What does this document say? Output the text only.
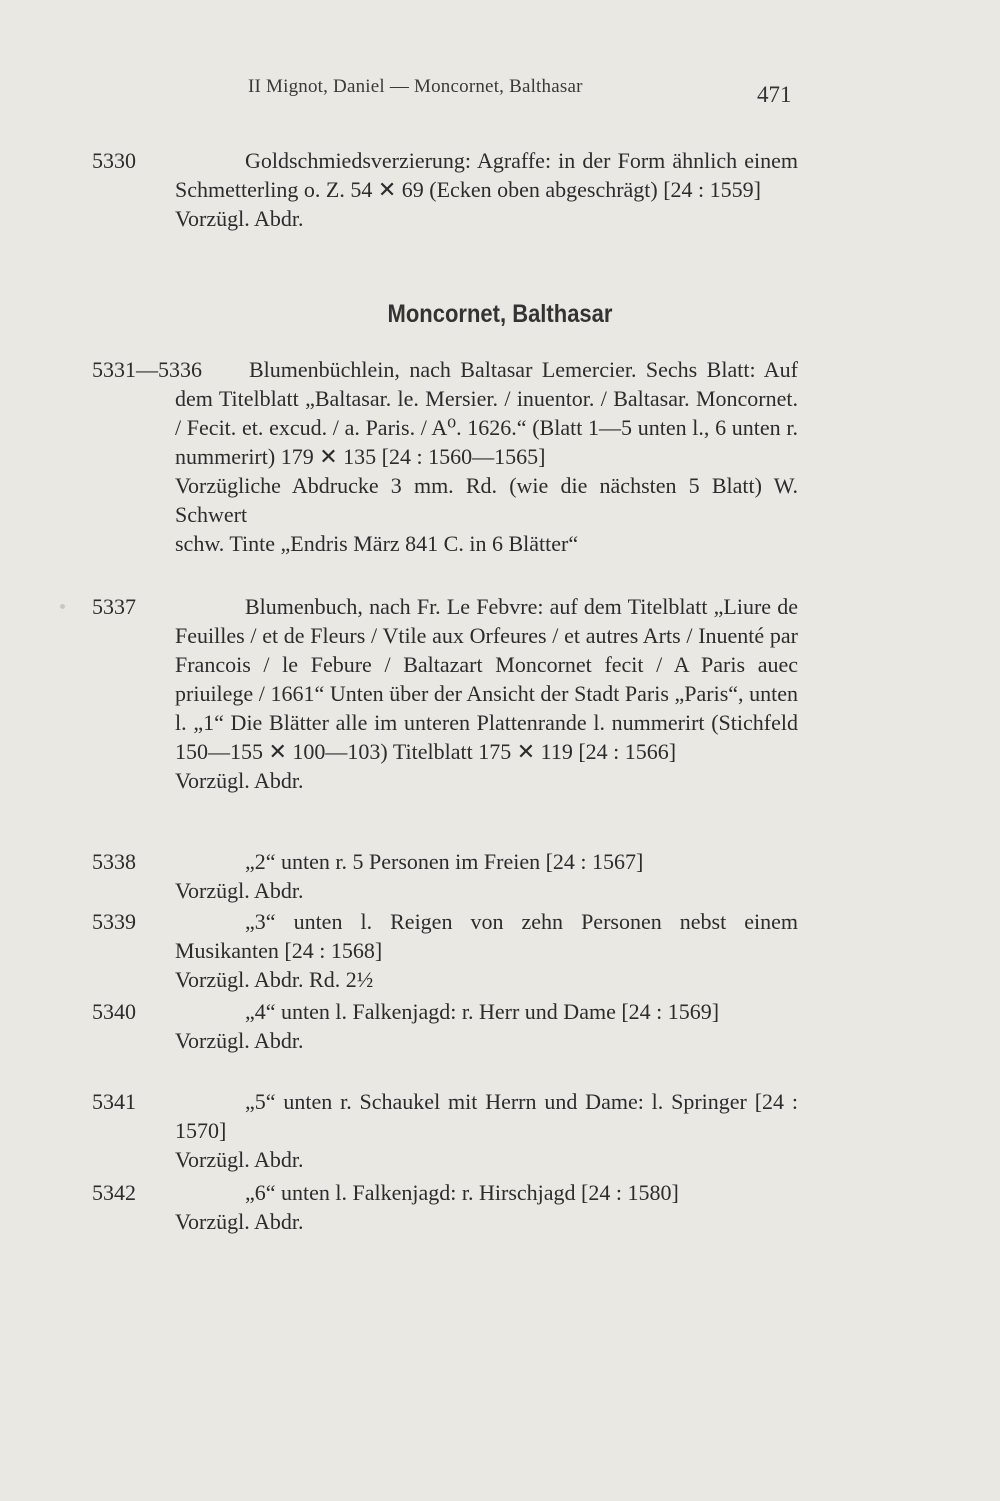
II Mignot, Daniel — Moncornet, Balthasar	471
5330	Goldschmiedsverzierung: Agraffe: in der Form ähnlich einem Schmetterling o. Z. 54 ✕ 69 (Ecken oben abgeschrägt) [24 : 1559]

Vorzügl. Abdr.

Moncornet, Balthasar
5331—5336	Blumenbüchlein, nach Baltasar Lemercier. Sechs Blatt: Auf dem Titelblatt „Baltasar. le. Mersier. / inuentor. / Baltasar. Moncornet. / Fecit. et. excud. / a. Paris. / A⁰. 1626.“ (Blatt 1—5 unten l., 6 unten r. nummerirt) 179 ✕ 135 [24 : 1560—1565]

Vorzügliche Abdrucke 3 mm. Rd. (wie die nächsten 5 Blatt) W. Schwert

schw. Tinte „Endris März 841 C. in 6 Blätter“

5337	Blumenbuch, nach Fr. Le Febvre: auf dem Titelblatt „Liure de Feuilles / et de Fleurs / Vtile aux Orfeures / et autres Arts / Inuenté par Francois / le Febure / Baltazart Moncornet fecit / A Paris auec priuilege / 1661“ Unten über der Ansicht der Stadt Paris „Paris“, unten l. „1“ Die Blätter alle im unteren Plattenrande l. nummerirt (Stichfeld 150—155 ✕ 100—103) Titelblatt 175 ✕ 119 [24 : 1566]

Vorzügl. Abdr.

5338	„2“ unten r. 5 Personen im Freien [24 : 1567]

Vorzügl. Abdr.

5339	„3“ unten l. Reigen von zehn Personen nebst einem Musikanten [24 : 1568]

Vorzügl. Abdr. Rd. 2½

5340	„4“ unten l. Falkenjagd: r. Herr und Dame [24 : 1569]

Vorzügl. Abdr.

5341	„5“ unten r. Schaukel mit Herrn und Dame: l. Springer [24 : 1570]

Vorzügl. Abdr.

5342	„6“ unten l. Falkenjagd: r. Hirschjagd [24 : 1580]

Vorzügl. Abdr.
